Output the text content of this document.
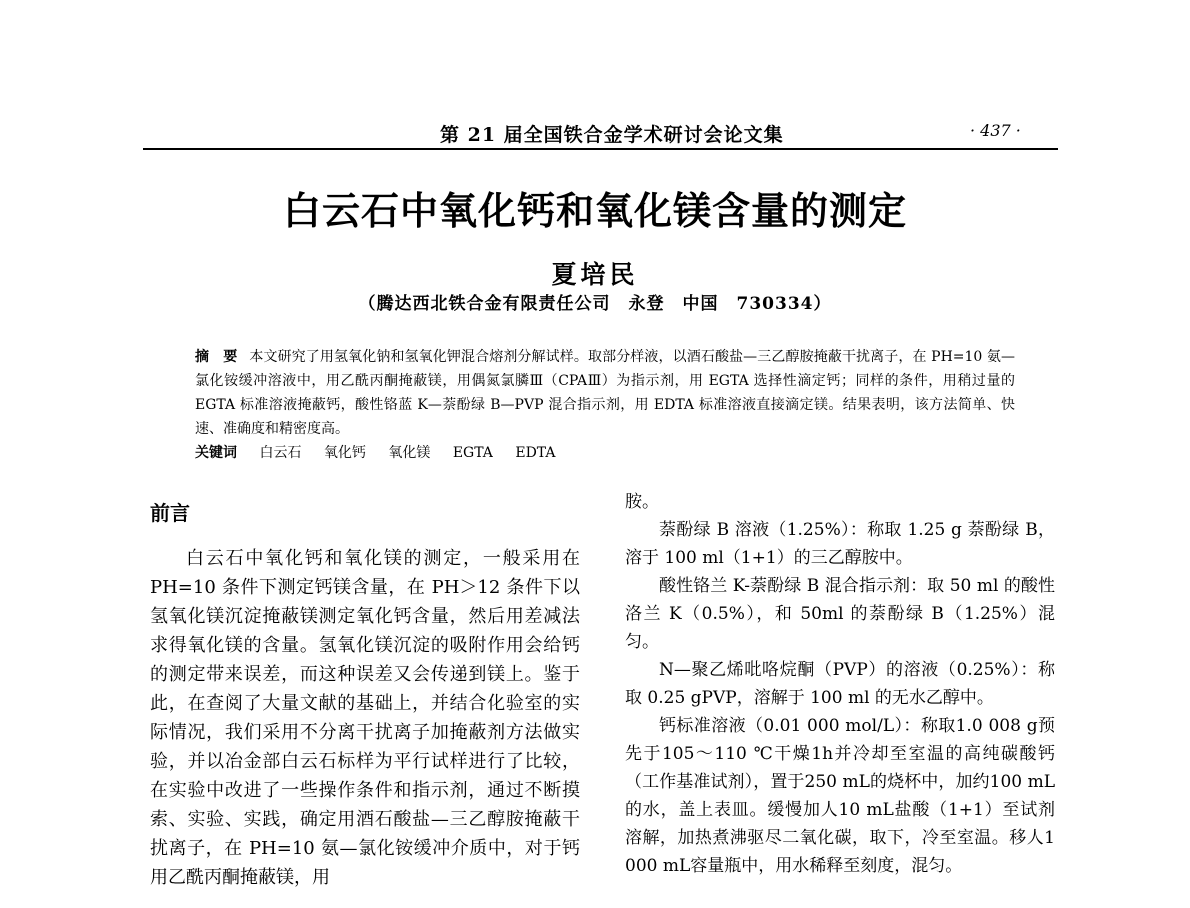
第 21 届全国铁合金学术研讨会论文集	· 437 ·
白云石中氧化钙和氧化镁含量的测定
夏培民
（腾达西北铁合金有限责任公司　永登　中国　730334）
摘　要 本文研究了用氢氧化钠和氢氧化钾混合熔剂分解试样。取部分样液，以酒石酸盐—三乙醇胺掩蔽干扰离子，在 PH=10 氨—氯化铵缓冲溶液中，用乙酰丙酮掩蔽镁，用偶氮氯膦Ⅲ（CPAⅢ）为指示剂，用 EGTA 选择性滴定钙；同样的条件，用稍过量的 EGTA 标准溶液掩蔽钙，酸性铬蓝 K—萘酚绿 B—PVP 混合指示剂，用 EDTA 标准溶液直接滴定镁。结果表明，该方法简单、快速、准确度和精密度高。
关键词 白云石 氧化钙 氧化镁 EGTA EDTA
前言

白云石中氧化钙和氧化镁的测定，一般采用在 PH=10 条件下测定钙镁含量，在 PH＞12 条件下以氢氧化镁沉淀掩蔽镁测定氧化钙含量，然后用差减法求得氧化镁的含量。氢氧化镁沉淀的吸附作用会给钙的测定带来误差，而这种误差又会传递到镁上。鉴于此，在查阅了大量文献的基础上，并结合化验室的实际情况，我们采用不分离干扰离子加掩蔽剂方法做实验，并以冶金部白云石标样为平行试样进行了比较，在实验中改进了一些操作条件和指示剂，通过不断摸索、实验、实践，确定用酒石酸盐—三乙醇胺掩蔽干扰离子，在 PH=10 氨—氯化铵缓冲介质中，对于钙用乙酰丙酮掩蔽镁，用

胺。

萘酚绿 B 溶液（1.25%）：称取 1.25 g 萘酚绿 B，溶于 100 ml（1+1）的三乙醇胺中。

酸性铬兰 K-萘酚绿 B 混合指示剂：取 50 ml 的酸性洛兰 K（0.5%），和 50ml 的萘酚绿 B（1.25%）混匀。

N—聚乙烯吡咯烷酮（PVP）的溶液（0.25%）：称取 0.25 gPVP，溶解于 100 ml 的无水乙醇中。

钙标准溶液（0.01 000 mol/L）：称取1.0 008 g预先于105～110 ℃干燥1h并冷却至室温的高纯碳酸钙（工作基准试剂），置于250 mL的烧杯中，加约100 mL的水，盖上表皿。缓慢加人10 mL盐酸（1+1）至试剂溶解，加热煮沸驱尽二氧化碳，取下，冷至室温。移人1 000 mL容量瓶中，用水稀释至刻度，混匀。
